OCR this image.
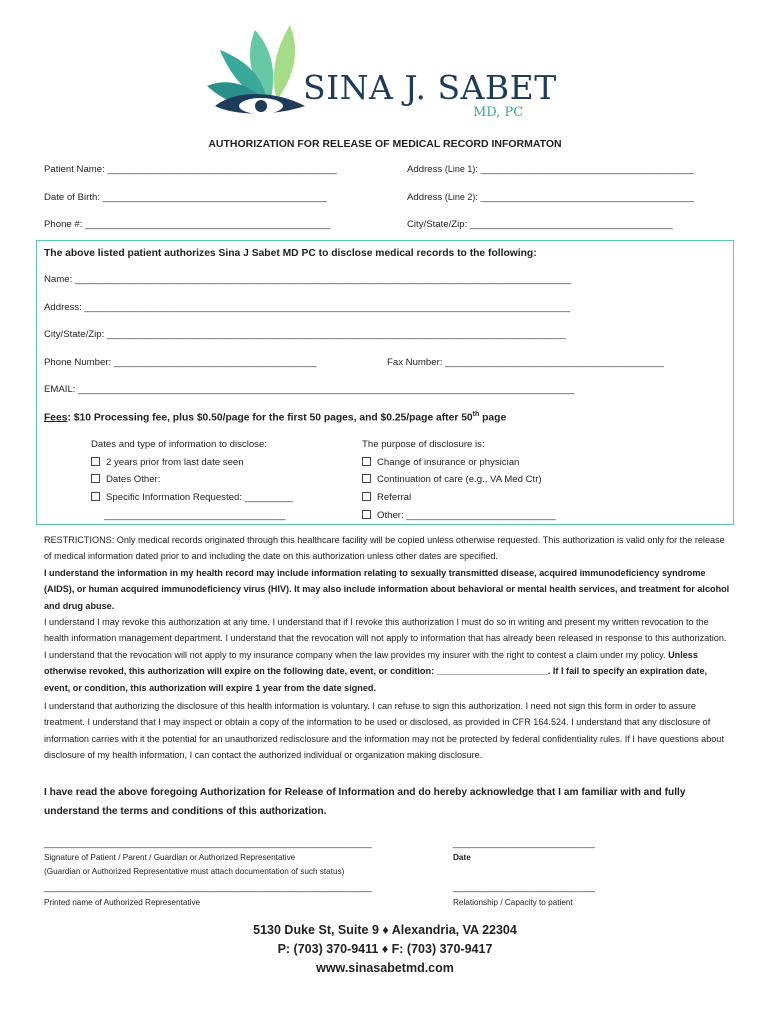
SINA J. SABET
MD, PC
AUTHORIZATION FOR RELEASE OF MEDICAL RECORD INFORMATON
Patient Name: ___________________________________________	Address (Line 1): ________________________________________
Date of Birth: __________________________________________	Address (Line 2): ________________________________________
Phone #: ______________________________________________	City/State/Zip: ______________________________________
The above listed patient authorizes Sina J Sabet MD PC to disclose medical records to the following:
Name: _____________________________________________________________________________________________
Address: ___________________________________________________________________________________________
City/State/Zip: ______________________________________________________________________________________
Phone Number: ______________________________________	Fax Number: _________________________________________
EMAIL: _____________________________________________________________________________________________
Fees: $10 Processing fee, plus $0.50/page for the first 50 pages, and $0.25/page after 50th page
Dates and type of information to disclose:
2 years prior from last date seen
Dates Other:
Specific Information Requested: _________
__________________________________
The purpose of disclosure is:
Change of insurance or physician
Continuation of care (e.g., VA Med Ctr)
Referral
Other: ____________________________
RESTRICTIONS: Only medical records originated through this healthcare facility will be copied unless otherwise requested. This authorization is valid only for the release of medical information dated prior to and including the date on this authorization unless other dates are specified.
I understand the information in my health record may include information relating to sexually transmitted disease, acquired immunodeficiency syndrome (AIDS), or human acquired immunodeficiency virus (HIV). It may also include information about behavioral or mental health services, and treatment for alcohol and drug abuse.
I understand I may revoke this authorization at any time. I understand that if I revoke this authorization I must do so in writing and present my written revocation to the health information management department. I understand that the revocation will not apply to information that has already been released in response to this authorization. I understand that the revocation will not apply to my insurance company when the law provides my insurer with the right to contest a claim under my policy. Unless otherwise revoked, this authorization will expire on the following date, event, or condition: ______________________. If I fail to specify an expiration date, event, or condition, this authorization will expire 1 year from the date signed.
I understand that authorizing the disclosure of this health information is voluntary. I can refuse to sign this authorization. I need not sign this form in order to assure treatment. I understand that I may inspect or obtain a copy of the information to be used or disclosed, as provided in CFR 164.524. I understand that any disclosure of information carries with it the potential for an unauthorized redisclosure and the information may not be protected by federal confidentiality rules. If I have questions about disclosure of my health information, I can contact the authorized individual or organization making disclosure.
I have read the above foregoing Authorization for Release of Information and do hereby acknowledge that I am familiar with and fully understand the terms and conditions of this authorization.
___________________________________________________________________	_____________________________
Signature of Patient / Parent / Guardian or Authorized Representative	Date
(Guardian or Authorized Representative must attach documentation of such status)
___________________________________________________________________	_____________________________
Printed name of Authorized Representative	Relationship / Capacity to patient
5130 Duke St, Suite 9 ♦ Alexandria, VA 22304
P: (703) 370-9411 ♦ F: (703) 370-9417
www.sinasabetmd.com
